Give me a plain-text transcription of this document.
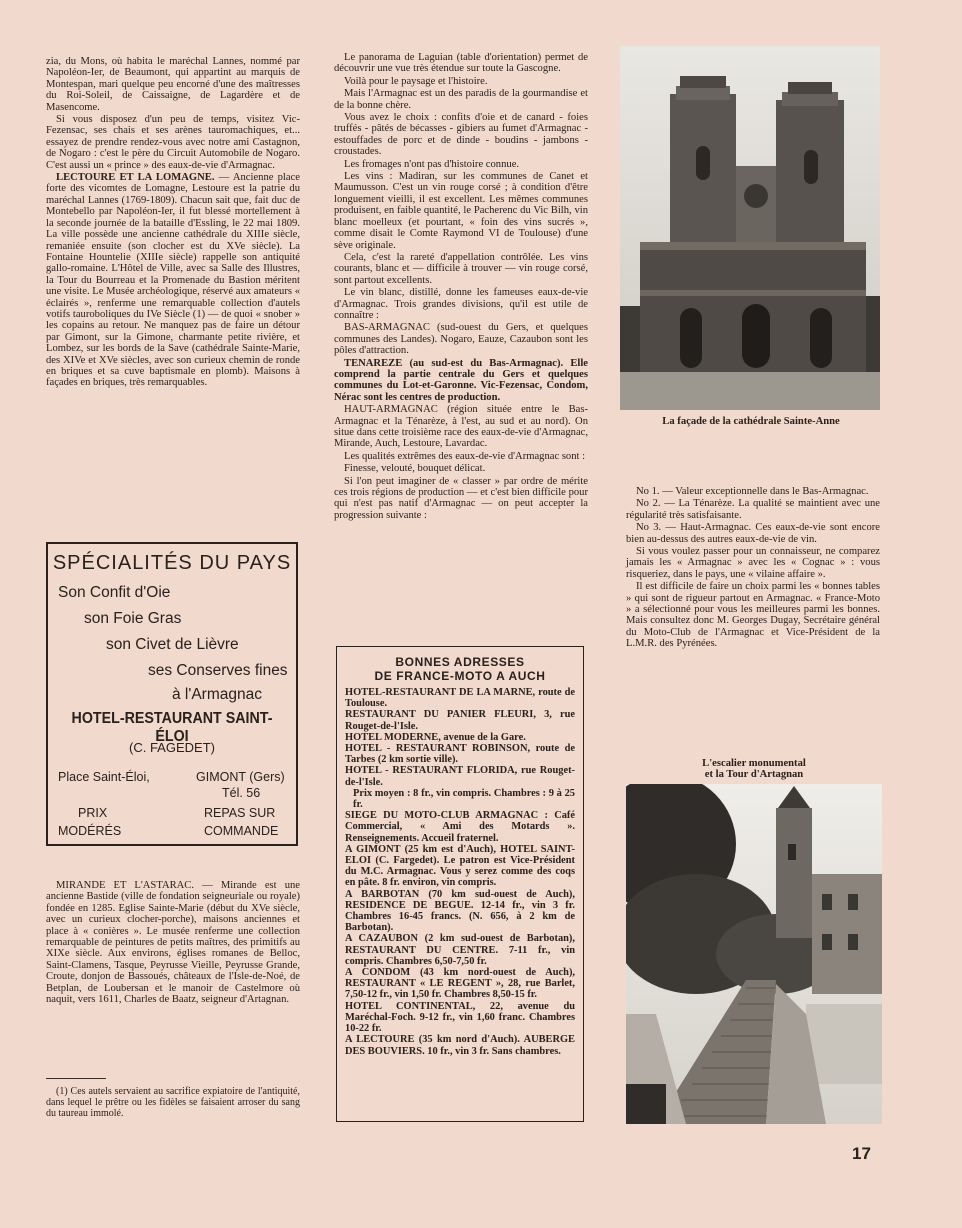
zia, du Mons, où habita le maréchal Lannes, nommé par Napoléon-Ier, de Beaumont, qui appartint au marquis de Montespan, mari quelque peu encorné d'une des maîtresses du Roi-Soleil, de Caissaigne, de Lagardère et de Masencome.

Si vous disposez d'un peu de temps, visitez Vic-Fezensac, ses chais et ses arènes tauromachiques, et... essayez de prendre rendez-vous avec notre ami Castagnon, de Nogaro : c'est le père du Circuit Automobile de Nogaro. C'est aussi un « prince » des eaux-de-vie d'Armagnac.

LECTOURE ET LA LOMAGNE. — Ancienne place forte des vicomtes de Lomagne, Lestoure est la patrie du maréchal Lannes (1769-1809). Chacun sait que, fait duc de Montebello par Napoléon-Ier, il fut blessé mortellement à la seconde journée de la bataille d'Essling, le 22 mai 1809. La ville possède une ancienne cathédrale du XIIIe siècle, remaniée ensuite (son clocher est du XVe siècle). La Fontaine Hountelie (XIIIe siècle) rappelle son antiquité gallo-romaine. L'Hôtel de Ville, avec sa Salle des Illustres, la Tour du Bourreau et la Promenade du Bastion méritent une visite. Le Musée archéologique, réservé aux amateurs « éclairés », renferme une remarquable collection d'autels votifs tauroboliques du IVe Siècle (1) — de quoi « snober » les copains au retour. Ne manquez pas de faire un détour par Gimont, sur la Gimone, charmante petite rivière, et Lombez, sur les bords de la Save (cathédrale Sainte-Marie, des XIVe et XVe siècles, avec son curieux chemin de ronde en briques et sa cuve baptismale en plomb). Maisons à façades en briques, très remarquables.

SPÉCIALITÉS DU PAYS
Son Confit d'Oie
son Foie Gras
son Civet de Lièvre
ses Conserves fines
à l'Armagnac
HOTEL-RESTAURANT SAINT-ÉLOI
(C. FAGEDET)
Place Saint-Éloi,	GIMONT (Gers)
Tél. 56
PRIX
MODÉRÉS
REPAS SUR
COMMANDE

MIRANDE ET L'ASTARAC. — Mirande est une ancienne Bastide (ville de fondation seigneuriale ou royale) fondée en 1285. Eglise Sainte-Marie (début du XVe siècle, avec un curieux clocher-porche), maisons anciennes et place à « conières ». Le musée renferme une collection remarquable de peintures de petits maîtres, des primitifs au XIXe siècle. Aux environs, églises romanes de Belloc, Saint-Clamens, Tasque, Peyrusse Vieille, Peyrusse Grande, Croute, donjon de Bassoués, châteaux de l'Isle-de-Noé, de Betplan, de Loubersan et le manoir de Castelmore où naquit, vers 1611, Charles de Baatz, seigneur d'Artagnan.

(1) Ces autels servaient au sacrifice expiatoire de l'antiquité, dans lequel le prêtre ou les fidèles se faisaient arroser du sang du taureau immolé.

Le panorama de Laguian (table d'orientation) permet de découvrir une vue très étendue sur toute la Gascogne.

Voilà pour le paysage et l'histoire.

Mais l'Armagnac est un des paradis de la gourmandise et de la bonne chère.

Vous avez le choix : confits d'oie et de canard - foies truffés - pâtés de bécasses - gibiers au fumet d'Armagnac - estouffades de porc et de dinde - boudins - jambons - croustades.

Les fromages n'ont pas d'histoire connue.

Les vins : Madiran, sur les communes de Canet et Maumusson. C'est un vin rouge corsé ; à condition d'être longuement vieilli, il est excellent. Les mêmes communes produisent, en faible quantité, le Pacherenc du Vic Bilh, vin blanc moelleux (et pourtant, « foin des vins sucrés », comme disait le Comte Raymond VI de Toulouse) d'une sève originale.

Cela, c'est la rareté d'appellation contrôlée. Les vins courants, blanc et — difficile à trouver — vin rouge corsé, sont partout excellents.

Le vin blanc, distillé, donne les fameuses eaux-de-vie d'Armagnac. Trois grandes divisions, qu'il est utile de connaître :

BAS-ARMAGNAC (sud-ouest du Gers, et quelques communes des Landes). Nogaro, Eauze, Cazaubon sont les pôles d'attraction.

TENAREZE (au sud-est du Bas-Armagnac). Elle comprend la partie centrale du Gers et quelques communes du Lot-et-Garonne. Vic-Fezensac, Condom, Nérac sont les centres de production.

HAUT-ARMAGNAC (région située entre le Bas-Armagnac et la Ténarèze, à l'est, au sud et au nord). On situe dans cette troisième race des eaux-de-vie d'Armagnac, Mirande, Auch, Lestoure, Lavardac.

Les qualités extrêmes des eaux-de-vie d'Armagnac sont :

Finesse, velouté, bouquet délicat.

Si l'on peut imaginer de « classer » par ordre de mérite ces trois régions de production — et c'est bien difficile pour qui n'est pas natif d'Armagnac — on peut accepter la progression suivante :

BONNES ADRESSES
DE FRANCE-MOTO A AUCH

HOTEL-RESTAURANT DE LA MARNE, route de Toulouse.

RESTAURANT DU PANIER FLEURI, 3, rue Rouget-de-l'Isle.

HOTEL MODERNE, avenue de la Gare.

HOTEL - RESTAURANT ROBINSON, route de Tarbes (2 km sortie ville).

HOTEL - RESTAURANT FLORIDA, rue Rouget-de-l'Isle.

Prix moyen : 8 fr., vin compris. Chambres : 9 à 25 fr.

SIEGE DU MOTO-CLUB ARMAGNAC : Café Commercial, « Ami des Motards ». Renseignements. Accueil fraternel.

A GIMONT (25 km est d'Auch), HOTEL SAINT-ELOI (C. Fargedet). Le patron est Vice-Président du M.C. Armagnac. Vous y serez comme des coqs en pâte. 8 fr. environ, vin compris.

A BARBOTAN (70 km sud-ouest de Auch), RESIDENCE DE BEGUE. 12-14 fr., vin 3 fr. Chambres 16-45 francs. (N. 656, à 2 km de Barbotan).

A CAZAUBON (2 km sud-ouest de Barbotan), RESTAURANT DU CENTRE. 7-11 fr., vin compris. Chambres 6,50-7,50 fr.

A CONDOM (43 km nord-ouest de Auch), RESTAURANT « LE REGENT », 28, rue Barlet, 7,50-12 fr., vin 1,50 fr. Chambres 8,50-15 fr.

HOTEL CONTINENTAL, 22, avenue du Maréchal-Foch. 9-12 fr., vin 1,60 franc. Chambres 10-22 fr.

A LECTOURE (35 km nord d'Auch). AUBERGE DES BOUVIERS. 10 fr., vin 3 fr. Sans chambres.

La façade de la cathédrale Sainte-Anne

No 1. — Valeur exceptionnelle dans le Bas-Armagnac.

No 2. — La Ténarèze. La qualité se maintient avec une régularité très satisfaisante.

No 3. — Haut-Armagnac. Ces eaux-de-vie sont encore bien au-dessus des autres eaux-de-vie de vin.

Si vous voulez passer pour un connaisseur, ne comparez jamais les « Armagnac » avec les « Cognac » : vous risqueriez, dans le pays, une « vilaine affaire ».

Il est difficile de faire un choix parmi les « bonnes tables » qui sont de rigueur partout en Armagnac. « France-Moto » a sélectionné pour vous les meilleures parmi les bonnes. Mais consultez donc M. Georges Dugay, Secrétaire général du Moto-Club de l'Armagnac et Vice-Président de la L.M.R. des Pyrénées.

L'escalier monumental
et la Tour d'Artagnan
17
